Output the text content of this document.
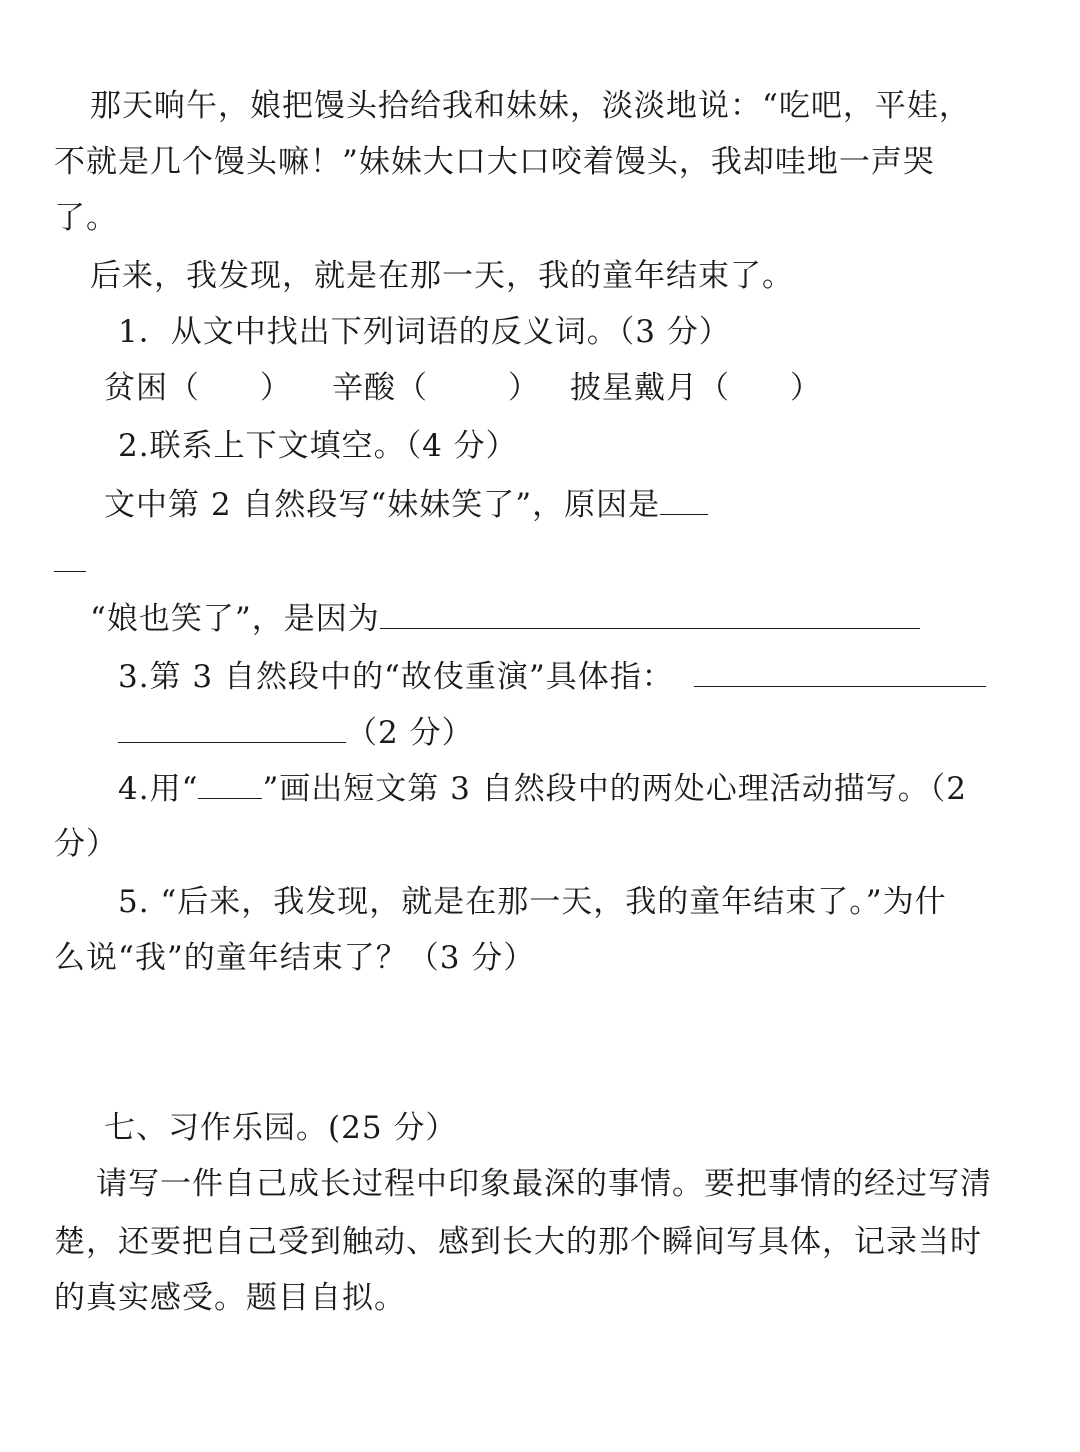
那天晌午，娘把馒头拾给我和妹妹，淡淡地说：“吃吧，平娃，
不就是几个馒头嘛！”妹妹大口大口咬着馒头，我却哇地一声哭
了。
后来，我发现，就是在那一天，我的童年结束了。
1．从文中找出下列词语的反义词。（3 分）
贫困（ ） 辛酸（	） 披星戴月（ ）
2.联系上下文填空。（4 分）
文中第 2 自然段写“妹妹笑了”，原因是
“娘也笑了”，是因为
3.第 3 自然段中的“故伎重演”具体指：
（2 分）
4.用“ ”画出短文第 3 自然段中的两处心理活动描写。（2
分）
5. “后来，我发现，就是在那一天，我的童年结束了。”为什
么说“我”的童年结束了？（3 分）
七、习作乐园。(25 分）
请写一件自己成长过程中印象最深的事情。要把事情的经过写清
楚，还要把自己受到触动、感到长大的那个瞬间写具体，记录当时
的真实感受。题目自拟。
